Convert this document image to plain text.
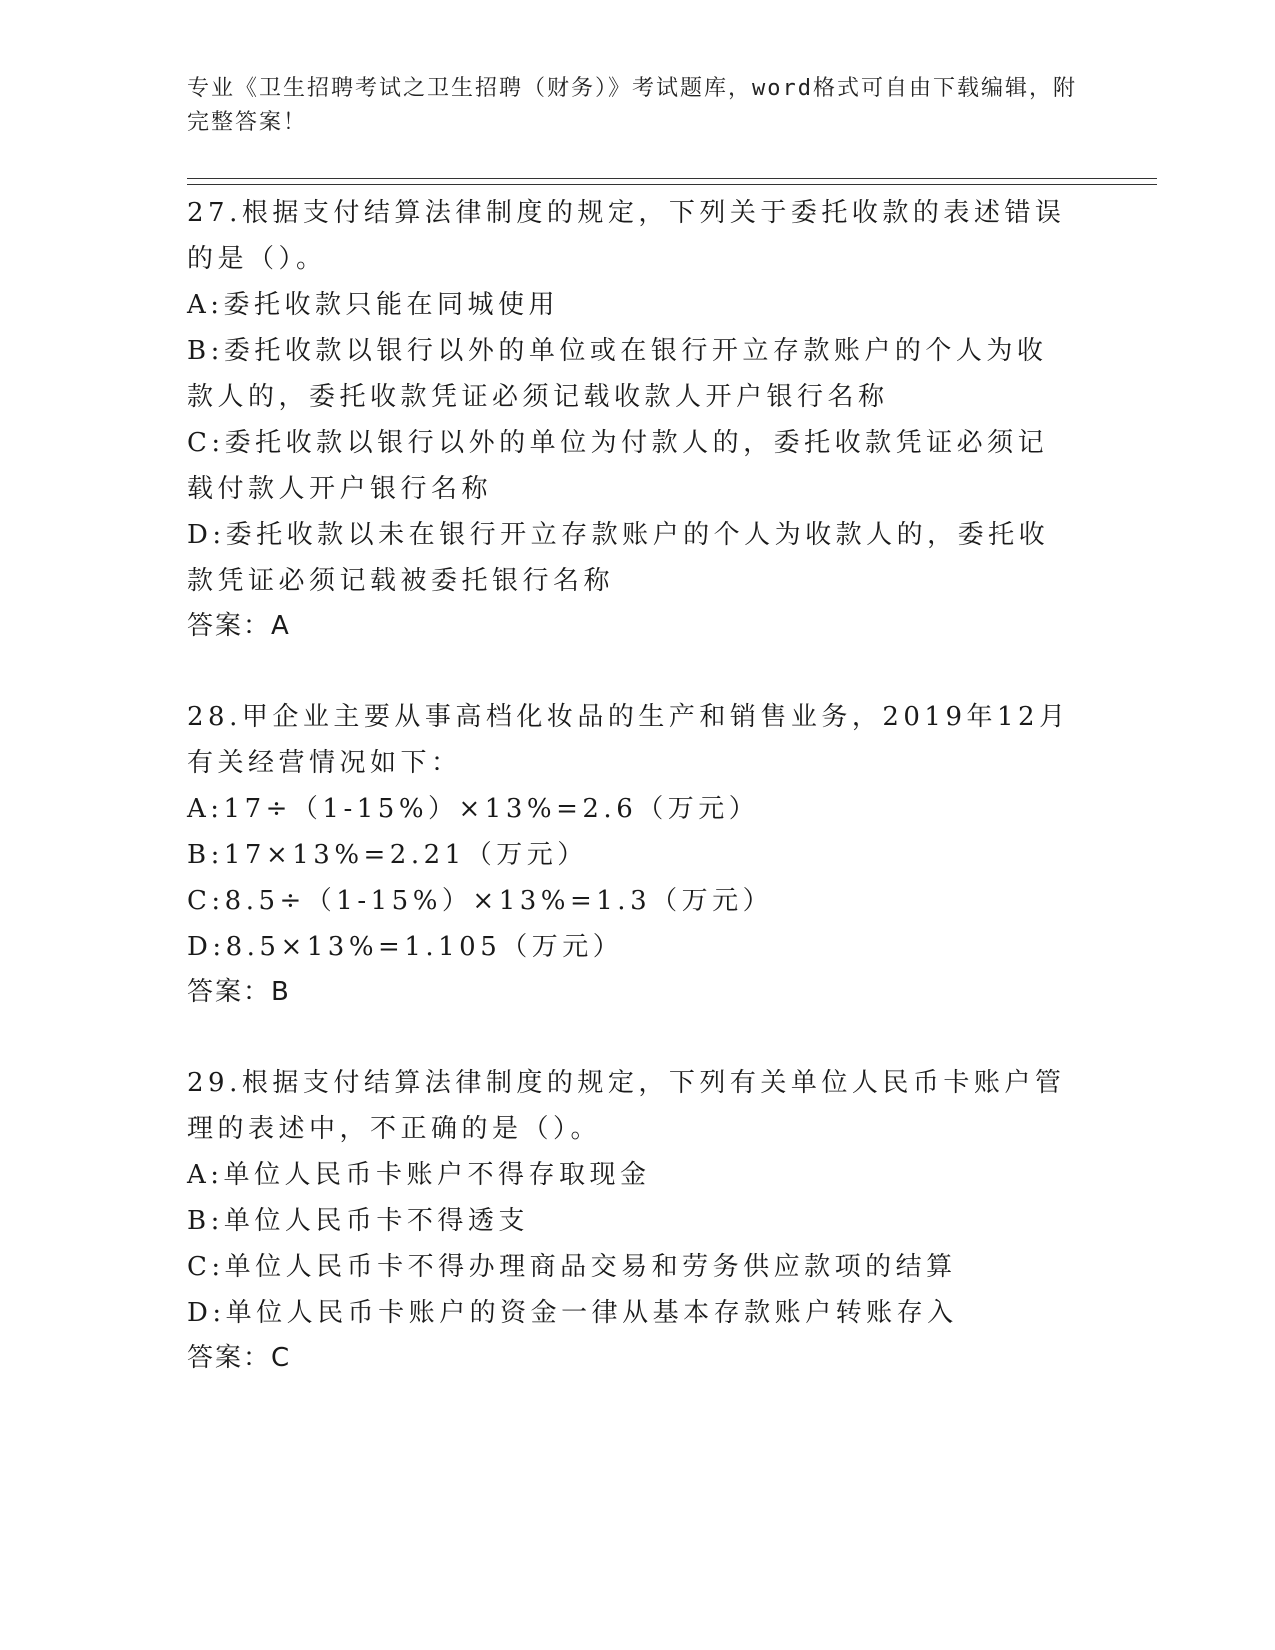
专业《卫生招聘考试之卫生招聘（财务）》考试题库，word格式可自由下载编辑，附完整答案！

27.根据支付结算法律制度的规定，下列关于委托收款的表述错误的是（）。

A:委托收款只能在同城使用

B:委托收款以银行以外的单位或在银行开立存款账户的个人为收款人的，委托收款凭证必须记载收款人开户银行名称

C:委托收款以银行以外的单位为付款人的，委托收款凭证必须记载付款人开户银行名称

D:委托收款以未在银行开立存款账户的个人为收款人的，委托收款凭证必须记载被委托银行名称

答案：A

28.甲企业主要从事高档化妆品的生产和销售业务，2019年12月有关经营情况如下：

A:17÷（1-15%）×13%=2.6（万元）

B:17×13%=2.21（万元）

C:8.5÷（1-15%）×13%=1.3（万元）

D:8.5×13%=1.105（万元）

答案：B

29.根据支付结算法律制度的规定，下列有关单位人民币卡账户管理的表述中，不正确的是（）。

A:单位人民币卡账户不得存取现金

B:单位人民币卡不得透支

C:单位人民币卡不得办理商品交易和劳务供应款项的结算

D:单位人民币卡账户的资金一律从基本存款账户转账存入

答案：C
